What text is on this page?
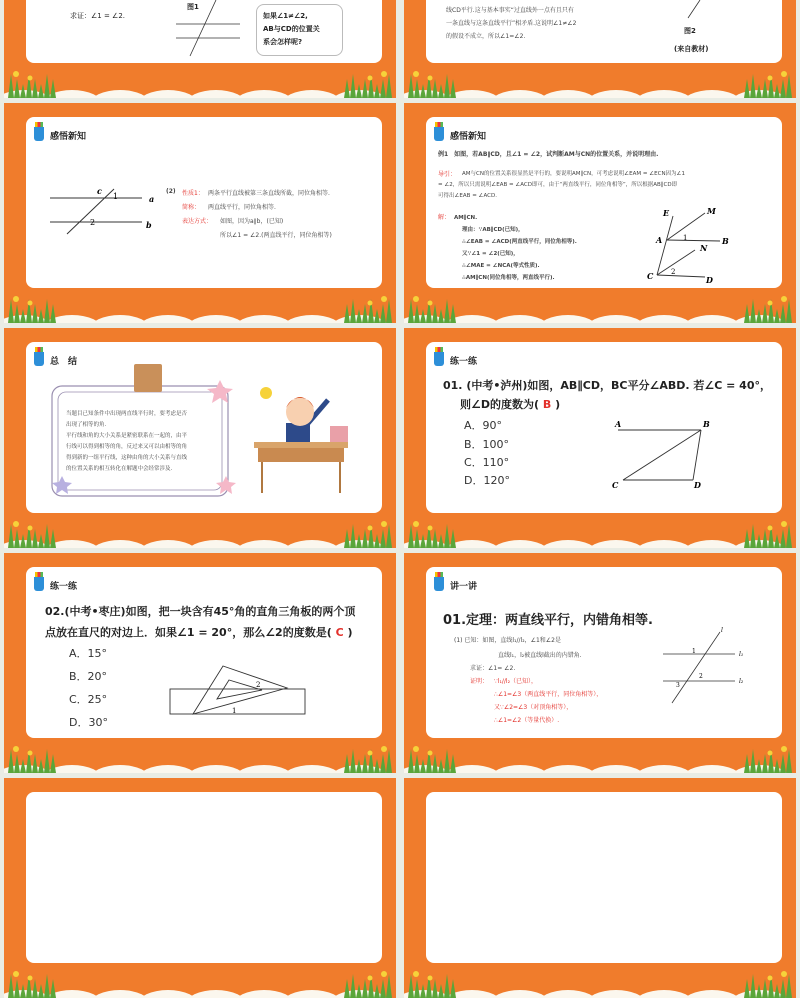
求证：∠1 = ∠2.
图1
如果∠1≠∠2,
AB与CD的位置关
系会怎样呢?
线CD平行.这与基本事实“过直线外一点有且只有
一条直线与这条直线平行”相矛盾.这说明∠1≠∠2
的假设不成立，所以∠1=∠2.
图2
(来自教材)
感悟新知
c
1
2
a
b
(2) 性质1： 两条平行直线被第三条直线所截，同位角相等.
简称： 两直线平行，同位角相等.
表达方式： 如图，因为a∥b，(已知)
所以∠1 = ∠2.(两直线平行，同位角相等)
感悟新知
例1　如图，若AB∥CD，且∠1 = ∠2，试判断AM与CN的位置关系，并说明理由.
导引： AM与CN的位置关系很显然是平行的，要说明AM∥CN，可考虑说明∠EAM = ∠ECN因为∠1
= ∠2，所以只需说明∠EAB = ∠ACD即可，由于“两直线平行，同位角相等”，所以根据AB∥CD即
可得出∠EAB = ∠ACD.
解： AM∥CN.
理由：∵AB∥CD(已知)，
∴∠EAB = ∠ACD(两直线平行，同位角相等).
又∵∠1 = ∠2(已知)，
∴∠MAE = ∠NCA(等式性质).
∴AM∥CN(同位角相等，两直线平行).
E	M
A	B
N
C	D
1
2
总　结
当题目已知条件中出现两直线平行时，要考虑是否
出现了相等的角.
平行线和角的大小关系是紧密联系在一起的，由平
行线可以得到相等的角，反过来又可以由相等的角
得到新的一组平行线，这种由角的大小关系与直线
的位置关系的相互转化在解题中会经常涉及.
练一练
01. (中考•泸州)如图，AB∥CD，BC平分∠ABD. 若∠C = 40°，
则∠D的度数为( B )
A．90°
B．100°
C．110°
D．120°
A	B
C	D
练一练
02.(中考•枣庄)如图，把一块含有45°角的直角三角板的两个顶
点放在直尺的对边上．如果∠1 = 20°，那么∠2的度数是( C )
A．15°
B．20°
C．25°
D．30°
2
1
讲一讲
01.定理：两直线平行，内错角相等.
(1) 已知：如图，直线l₁//l₂，∠1和∠2是
直线l₁，l₂被直线l截出的内错角.
求证：∠1= ∠2.
证明： ∵l₁//l₂（已知），
∴∠1=∠3（两直线平行，同位角相等），
又∵∠2=∠3（对顶角相等），
∴∠1=∠2（等量代换）.
l
l₁
l₂
1
2
3
